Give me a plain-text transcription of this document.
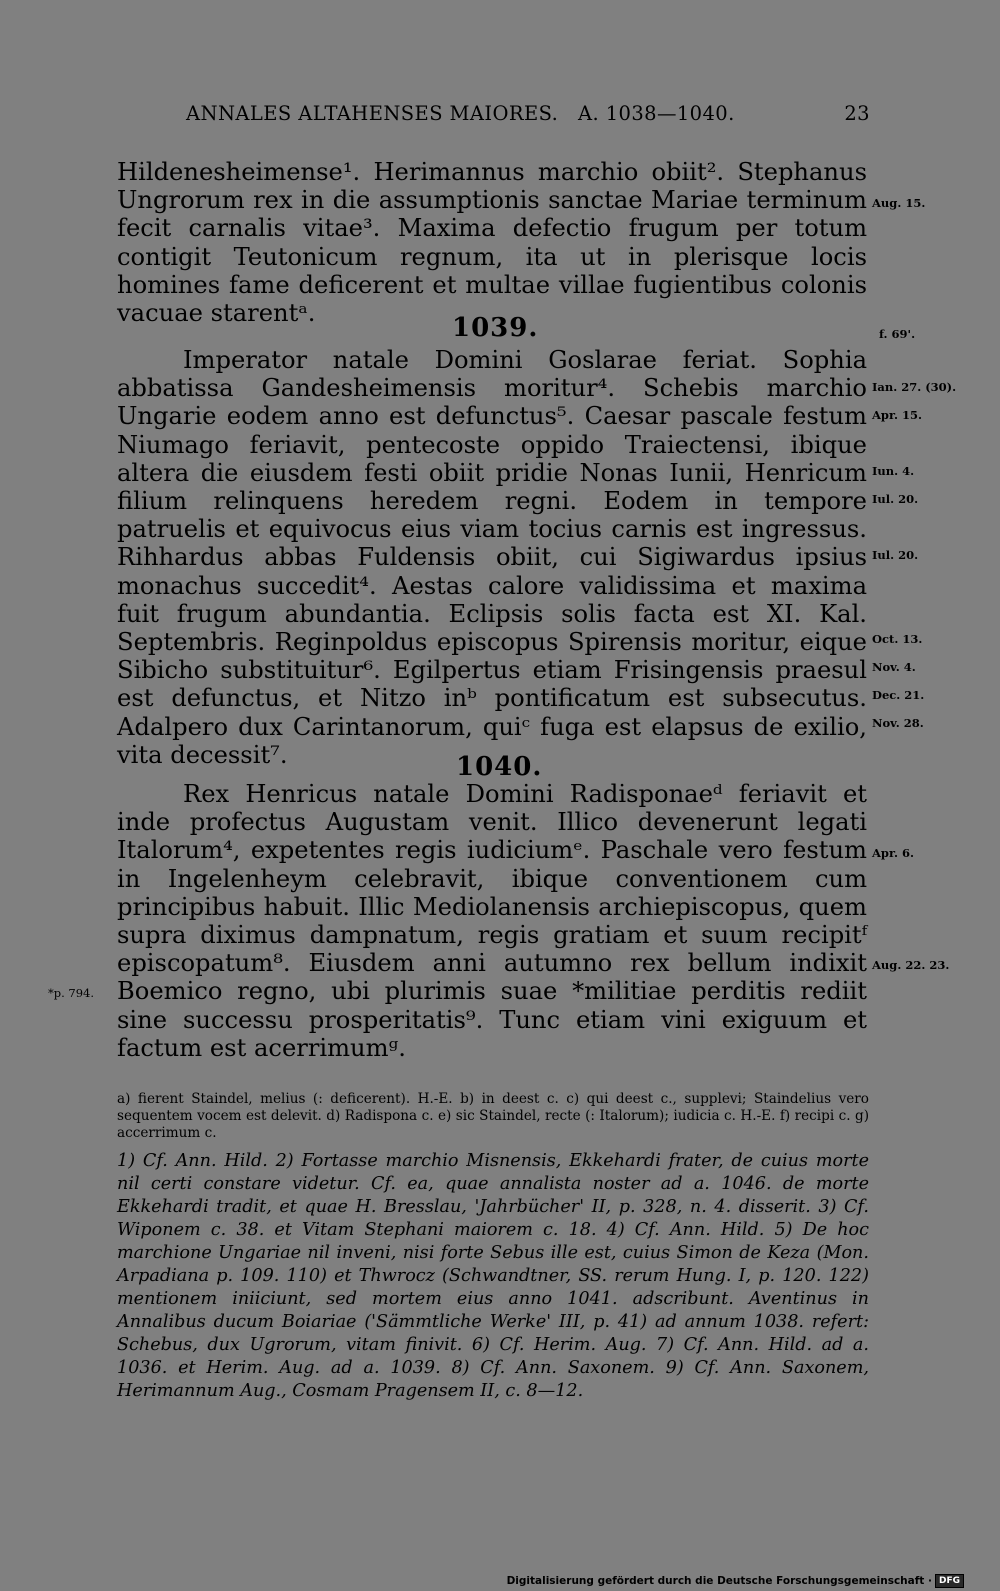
ANNALES ALTAHENSES MAIORES.   A. 1038—1040.	23

Hildenesheimense¹. Herimannus marchio obiit². Stephanus Ungrorum rex in die assumptionis sanctae Mariae terminum fecit carnalis vitae³. Maxima defectio frugum per totum contigit Teutonicum regnum, ita ut in plerisque locis homines fame deficerent et multae villae fugientibus colonis vacuae starentᵃ.	1039.

Imperator natale Domini Goslarae feriat. Sophia abbatissa Gandesheimensis moritur⁴. Schebis marchio Ungarie eodem anno est defunctus⁵. Caesar pascale festum Niumago feriavit, pentecoste oppido Traiectensi, ibique altera die eiusdem festi obiit pridie Nonas Iunii, Henricum filium relinquens heredem regni. Eodem in tempore patruelis et equivocus eius viam tocius carnis est ingressus. Rihhardus abbas Fuldensis obiit, cui Sigiwardus ipsius monachus succedit⁴. Aestas calore validissima et maxima fuit frugum abundantia. Eclipsis solis facta est XI. Kal. Septembris. Reginpoldus episcopus Spirensis moritur, eique Sibicho substituitur⁶. Egilpertus etiam Frisingensis praesul est defunctus, et Nitzo inᵇ pontificatum est subsecutus. Adalpero dux Carintanorum, quiᶜ fuga est elapsus de exilio, vita decessit⁷.	1040.

Rex Henricus natale Domini Radisponaeᵈ feriavit et inde profectus Augustam venit. Illico devenerunt legati Italorum⁴, expetentes regis iudiciumᵉ. Paschale vero festum in Ingelenheym celebravit, ibique conventionem cum principibus habuit. Illic Mediolanensis archiepiscopus, quem supra diximus dampnatum, regis gratiam et suum recipitᶠ episcopatum⁸. Eiusdem anni autumno rex bellum indixit Boemico regno, ubi plurimis suae *militiae perditis rediit sine successu prosperitatis⁹. Tunc etiam vini exiguum et factum est acerrimumᵍ.

Aug. 15.
f. 69'.
Ian. 27. (30).
Apr. 15.
Iun. 4.
Iul. 20.
Iul. 20.
Oct. 13.
Nov. 4.
Dec. 21.
Nov. 28.
Apr. 6.
Aug. 22. 23.
*p. 794.

a) fierent Staindel, melius (: deficerent). H.-E. b) in deest c. c) qui deest c., supplevi; Staindelius vero sequentem vocem est delevit. d) Radispona c. e) sic Staindel, recte (: Italorum); iudicia c. H.-E. f) recipi c. g) accerrimum c.

1) Cf. Ann. Hild. 2) Fortasse marchio Misnensis, Ekkehardi frater, de cuius morte nil certi constare videtur. Cf. ea, quae annalista noster ad a. 1046. de morte Ekkehardi tradit, et quae H. Bresslau, 'Jahrbücher' II, p. 328, n. 4. disserit. 3) Cf. Wiponem c. 38. et Vitam Stephani maiorem c. 18. 4) Cf. Ann. Hild. 5) De hoc marchione Ungariae nil inveni, nisi forte Sebus ille est, cuius Simon de Keza (Mon. Arpadiana p. 109. 110) et Thwrocz (Schwandtner, SS. rerum Hung. I, p. 120. 122) mentionem iniiciunt, sed mortem eius anno 1041. adscribunt. Aventinus in Annalibus ducum Boiariae ('Sämmtliche Werke' III, p. 41) ad annum 1038. refert: Schebus, dux Ugrorum, vitam finivit. 6) Cf. Herim. Aug. 7) Cf. Ann. Hild. ad a. 1036. et Herim. Aug. ad a. 1039. 8) Cf. Ann. Saxonem. 9) Cf. Ann. Saxonem, Herimannum Aug., Cosmam Pragensem II, c. 8—12.

Digitalisierung gefördert durch die Deutsche Forschungsgemeinschaft · DFG
